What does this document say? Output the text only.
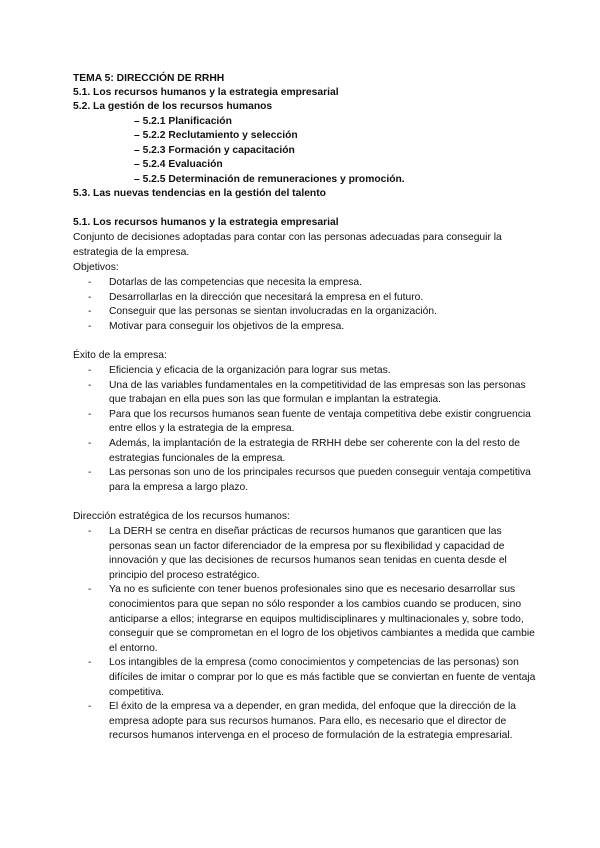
TEMA 5: DIRECCIÓN DE RRHH
5.1. Los recursos humanos y la estrategia empresarial
5.2. La gestión de los recursos humanos
– 5.2.1 Planificación
– 5.2.2 Reclutamiento y selección
– 5.2.3 Formación y capacitación
– 5.2.4 Evaluación
– 5.2.5 Determinación de remuneraciones y promoción.
5.3. Las nuevas tendencias en la gestión del talento
5.1. Los recursos humanos y la estrategia empresarial
Conjunto de decisiones adoptadas para contar con las personas adecuadas para conseguir la estrategia de la empresa.
Objetivos:
- Dotarlas de las competencias que necesita la empresa.
- Desarrollarlas en la dirección que necesitará la empresa en el futuro.
- Conseguir que las personas se sientan involucradas en la organización.
- Motivar para conseguir los objetivos de la empresa.
Éxito de la empresa:
- Eficiencia y eficacia de la organización para lograr sus metas.
- Una de las variables fundamentales en la competitividad de las empresas son las personas que trabajan en ella pues son las que formulan e implantan la estrategia.
- Para que los recursos humanos sean fuente de ventaja competitiva debe existir congruencia entre ellos y la estrategia de la empresa.
- Además, la implantación de la estrategia de RRHH debe ser coherente con la del resto de estrategias funcionales de la empresa.
- Las personas son uno de los principales recursos que pueden conseguir ventaja competitiva para la empresa a largo plazo.
Dirección estratégica de los recursos humanos:
- La DERH se centra en diseñar prácticas de recursos humanos que garanticen que las personas sean un factor diferenciador de la empresa por su flexibilidad y capacidad de innovación y que las decisiones de recursos humanos sean tenidas en cuenta desde el principio del proceso estratégico.
- Ya no es suficiente con tener buenos profesionales sino que es necesario desarrollar sus conocimientos para que sepan no sólo responder a los cambios cuando se producen, sino anticiparse a ellos; integrarse en equipos multidisciplinares y multinacionales y, sobre todo, conseguir que se comprometan en el logro de los objetivos cambiantes a medida que cambie el entorno.
- Los intangibles de la empresa (como conocimientos y competencias de las personas) son difíciles de imitar o comprar por lo que es más factible que se conviertan en fuente de ventaja competitiva.
- El éxito de la empresa va a depender, en gran medida, del enfoque que la dirección de la empresa adopte para sus recursos humanos. Para ello, es necesario que el director de recursos humanos intervenga en el proceso de formulación de la estrategia empresarial.
